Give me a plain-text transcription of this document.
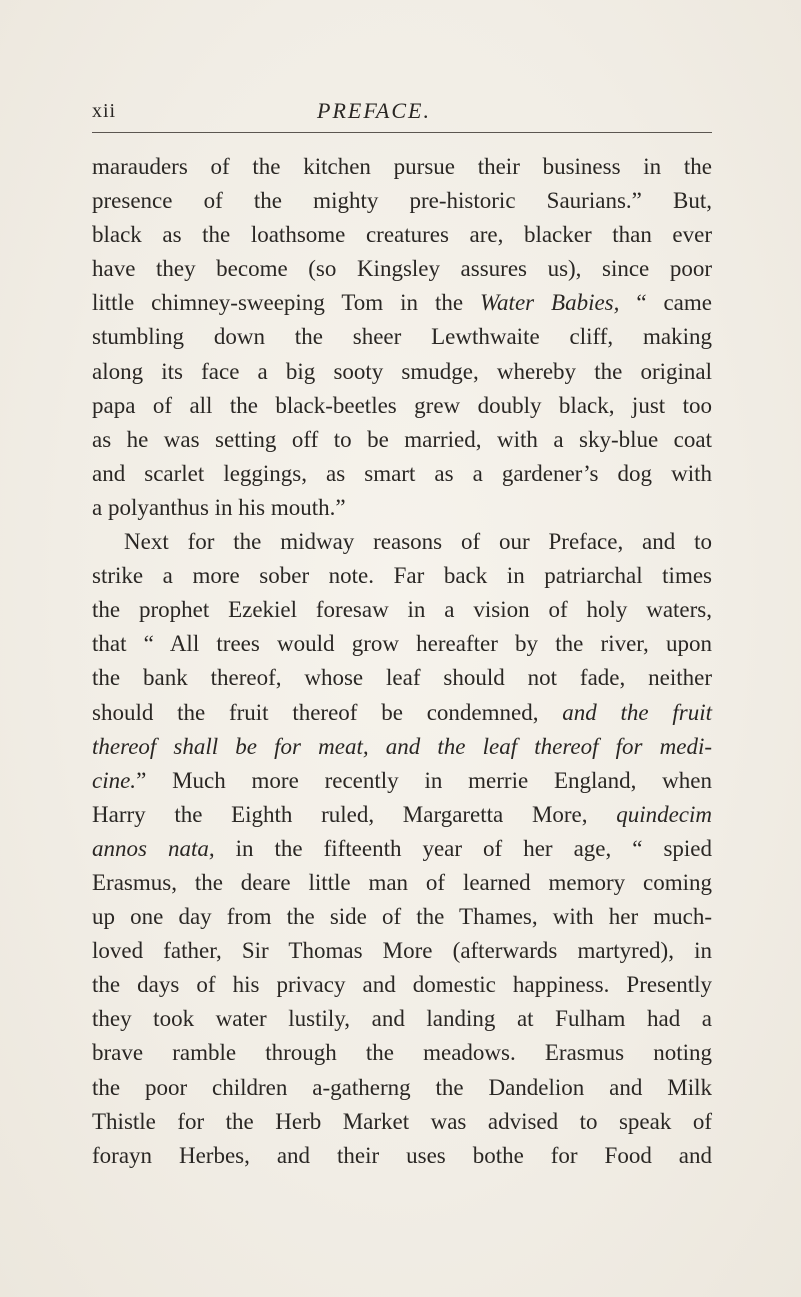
xii	PREFACE.
marauders of the kitchen pursue their business in the
presence of the mighty pre-historic Saurians.” But,
black as the loathsome creatures are, blacker than ever
have they become (so Kingsley assures us), since poor
little chimney-sweeping Tom in the Water Babies, “ came
stumbling down the sheer Lewthwaite cliff, making
along its face a big sooty smudge, whereby the original
papa of all the black-beetles grew doubly black, just too
as he was setting off to be married, with a sky-blue coat
and scarlet leggings, as smart as a gardener’s dog with
a polyanthus in his mouth.”
Next for the midway reasons of our Preface, and to
strike a more sober note. Far back in patriarchal times
the prophet Ezekiel foresaw in a vision of holy waters,
that “ All trees would grow hereafter by the river, upon
the bank thereof, whose leaf should not fade, neither
should the fruit thereof be condemned, and the fruit
thereof shall be for meat, and the leaf thereof for medi-
cine.” Much more recently in merrie England, when
Harry the Eighth ruled, Margaretta More, quindecim
annos nata, in the fifteenth year of her age, “ spied
Erasmus, the deare little man of learned memory coming
up one day from the side of the Thames, with her much-
loved father, Sir Thomas More (afterwards martyred), in
the days of his privacy and domestic happiness. Presently
they took water lustily, and landing at Fulham had a
brave ramble through the meadows. Erasmus noting
the poor children a-gatherng the Dandelion and Milk
Thistle for the Herb Market was advised to speak of
forayn Herbes, and their uses bothe for Food and
